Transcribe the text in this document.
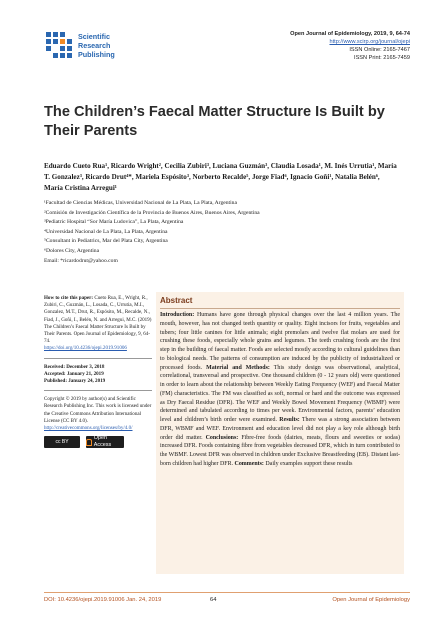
Scientific
Research
Publishing
Open Journal of Epidemiology, 2019, 9, 64-74
http://www.scirp.org/journal/ojepi
ISSN Online: 2165-7467
ISSN Print: 2165-7459
The Children’s Faecal Matter Structure Is Built by Their Parents
Eduardo Cueto Rua¹, Ricardo Wright², Cecilia Zubiri³, Luciana Guzmán³, Claudia Losada¹, M. Inés Urrutia¹, María T. Gonzalez³, Ricardo Drut⁴*, Mariela Espósito³, Norberto Recalde⁵, Jorge Fiad⁶, Ignacio Goñi¹, Natalia Belén⁶, María Cristina Arregui¹
¹Facultad de Ciencias Médicas, Universidad Nacional de La Plata, La Plata, Argentina
²Comisión de Investigación Científica de la Provincia de Buenos Aires, Buenos Aires, Argentina
³Pediatric Hospital “Sor María Ludovica”, La Plata, Argentina
⁴Universidad Nacional de La Plata, La Plata, Argentina
⁵Consultant in Pediatrics, Mar del Plata City, Argentina
⁶Dolores City, Argentina
Email: *ricardodrut@yahoo.com
How to cite this paper: Cueto Rua, E., Wright, R., Zubiri, C., Guzmán, L., Losada, C., Urrutia, M.I., Gonzalez, M.T., Drut, R., Espósito, M., Recalde, N., Fiad, J., Goñi, I., Belén, N. and Arregui, M.C. (2019) The Children’s Faecal Matter Structure Is Built by Their Parents. Open Journal of Epidemiology, 9, 64-74.
https://doi.org/10.4236/ojepi.2019.91006
Received: December 3, 2018
Accepted: January 21, 2019
Published: January 24, 2019
Copyright © 2019 by author(s) and Scientific Research Publishing Inc. This work is licensed under the Creative Commons Attribution International License (CC BY 4.0).
http://creativecommons.org/licenses/by/4.0/
cc BY
Open Access
Abstract
Introduction: Humans have gone through physical changes over the last 4 million years. The mouth, however, has not changed teeth quantity or quality. Eight incisors for fruits, vegetables and tubers; four little canines for little animals; eight premolars and twelve flat molars are used for crushing these foods, especially whole grains and legumes. The teeth crushing foods are the first step in the building of faecal matter. Foods are selected mostly according to cultural guidelines than to biological needs. The patterns of consumption are induced by the publicity of industrialized or processed foods. Material and Methods: This study design was observational, analytical, correlational, transversal and prospective. One thousand children (0 - 12 years old) were questioned in order to learn about the relationship between Weekly Eating Frequency (WEF) and Faecal Matter (FM) characteristics. The FM was classified as soft, normal or hard and the outcome was expressed as Dry Faecal Residue (DFR). The WEF and Weekly Bowel Movement Frequency (WBMF) were determined and tabulated according to times per week. Environmental factors, parents’ education level and children’s birth order were examined. Results: There was a strong association between DFR, WBMF and WEF. Environment and education level did not play a key role although birth order did matter. Conclusions: Fibre-free foods (dairies, meats, flours and sweeties or sodas) increased DFR. Foods containing fibre from vegetables decreased DFR, which in turn contributed to the WBMF. Lowest DFR was observed in children under Exclusive Breastfeeding (EB). Distant last-born children had higher DFR. Comments: Daily examples support these results
DOI: 10.4236/ojepi.2019.91006 Jan. 24, 2019	64	Open Journal of Epidemiology
